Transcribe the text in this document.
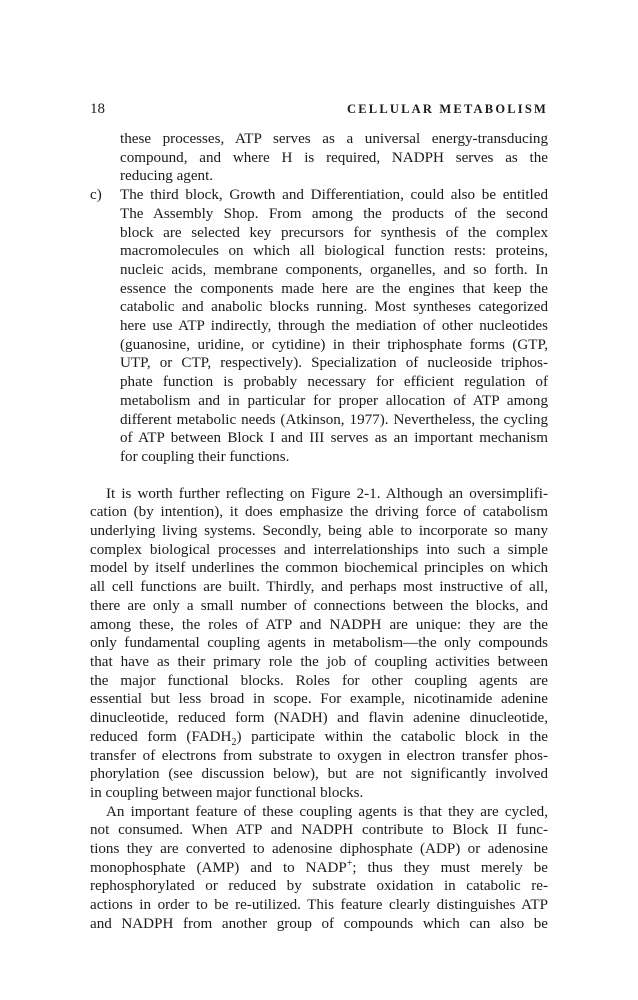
18	CELLULAR METABOLISM
these processes, ATP serves as a universal energy-transducing
compound, and where H is required, NADPH serves as the
reducing agent.
c)	The third block, Growth and Differentiation, could also be entitled
The Assembly Shop. From among the products of the second
block are selected key precursors for synthesis of the complex
macromolecules on which all biological function rests: proteins,
nucleic acids, membrane components, organelles, and so forth. In
essence the components made here are the engines that keep the
catabolic and anabolic blocks running. Most syntheses categorized
here use ATP indirectly, through the mediation of other nucleotides
(guanosine, uridine, or cytidine) in their triphosphate forms (GTP,
UTP, or CTP, respectively). Specialization of nucleoside triphos-
phate function is probably necessary for efficient regulation of
metabolism and in particular for proper allocation of ATP among
different metabolic needs (Atkinson, 1977). Nevertheless, the cycling
of ATP between Block I and III serves as an important mechanism
for coupling their functions.
It is worth further reflecting on Figure 2-1. Although an oversimplifi-
cation (by intention), it does emphasize the driving force of catabolism
underlying living systems. Secondly, being able to incorporate so many
complex biological processes and interrelationships into such a simple
model by itself underlines the common biochemical principles on which
all cell functions are built. Thirdly, and perhaps most instructive of all,
there are only a small number of connections between the blocks, and
among these, the roles of ATP and NADPH are unique: they are the
only fundamental coupling agents in metabolism—the only compounds
that have as their primary role the job of coupling activities between
the major functional blocks. Roles for other coupling agents are
essential but less broad in scope. For example, nicotinamide adenine
dinucleotide, reduced form (NADH) and flavin adenine dinucleotide,
reduced form $(FADH_2)$ participate within the catabolic block in the
transfer of electrons from substrate to oxygen in electron transfer phos-
phorylation (see discussion below), but are not significantly involved
in coupling between major functional blocks.
An important feature of these coupling agents is that they are cycled,
not consumed. When ATP and NADPH contribute to Block II func-
tions they are converted to adenosine diphosphate (ADP) or adenosine
monophosphate (AMP) and to NADP+; thus they must merely be
rephosphorylated or reduced by substrate oxidation in catabolic re-
actions in order to be re-utilized. This feature clearly distinguishes ATP
and NADPH from another group of compounds which can also be
